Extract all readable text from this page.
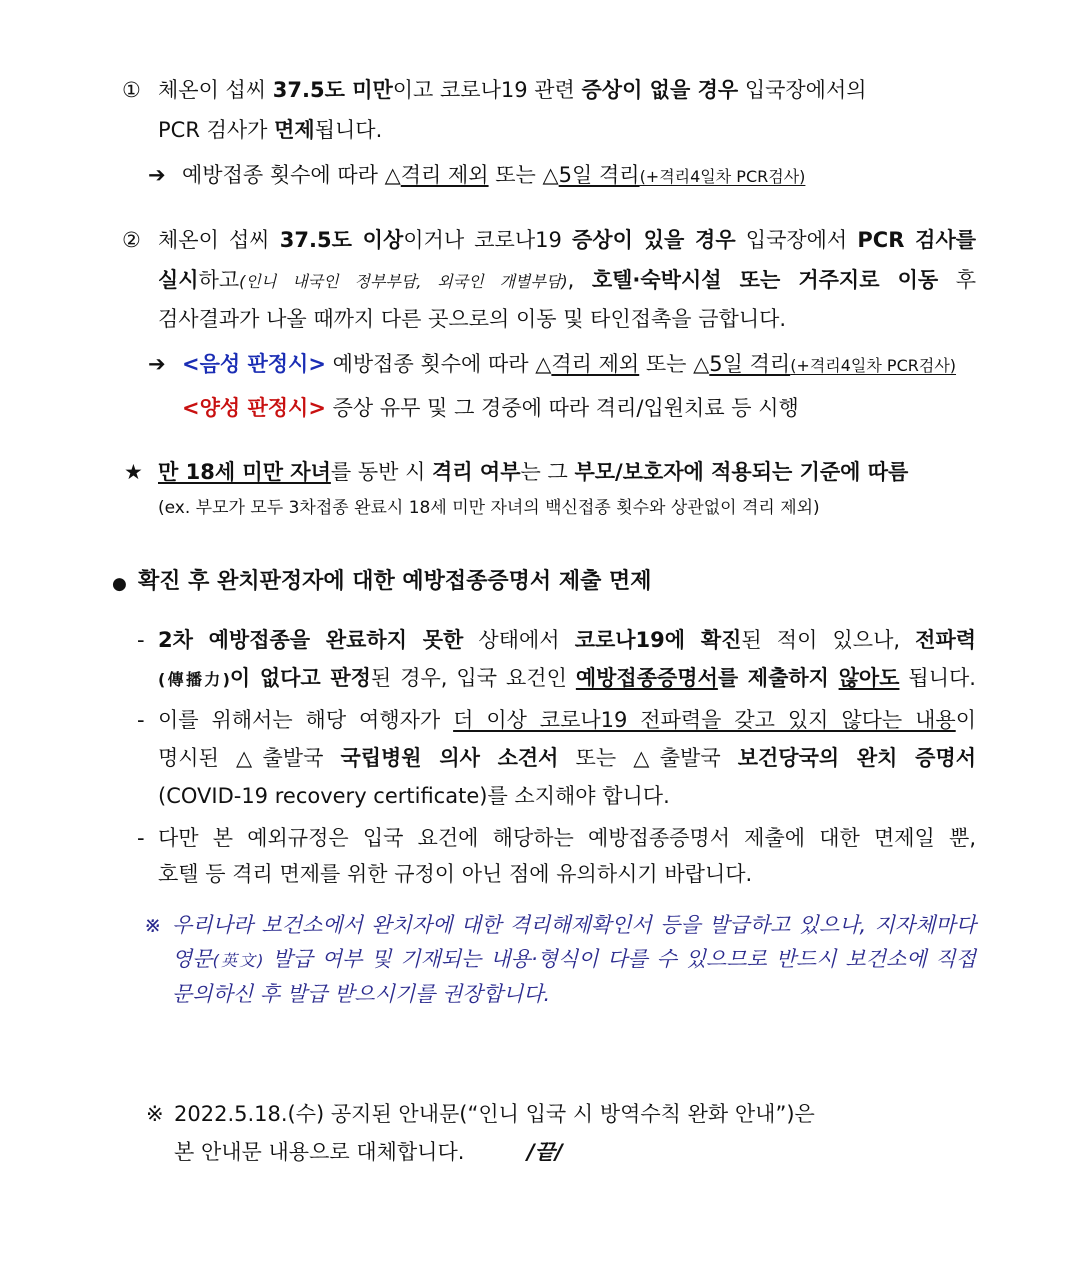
① 체온이 섭씨 37.5도 미만이고 코로나19 관련 증상이 없을 경우 입국장에서의
PCR 검사가 면제됩니다.
➔ 예방접종 횟수에 따라 △격리 제외 또는 △5일 격리(+격리4일차 PCR검사)
② 체온이 섭씨 37.5도 이상이거나 코로나19 증상이 있을 경우 입국장에서 PCR 검사를
실시하고(인니 내국인 정부부담, 외국인 개별부담), 호텔·숙박시설 또는 거주지로 이동 후
검사결과가 나올 때까지 다른 곳으로의 이동 및 타인접촉을 금합니다.
➔ <음성 판정시> 예방접종 횟수에 따라 △격리 제외 또는 △5일 격리(+격리4일차 PCR검사)
<양성 판정시> 증상 유무 및 그 경중에 따라 격리/입원치료 등 시행
★ 만 18세 미만 자녀를 동반 시 격리 여부는 그 부모/보호자에 적용되는 기준에 따름
(ex. 부모가 모두 3차접종 완료시 18세 미만 자녀의 백신접종 횟수와 상관없이 격리 제외)
● 확진 후 완치판정자에 대한 예방접종증명서 제출 면제
- 2차 예방접종을 완료하지 못한 상태에서 코로나19에 확진된 적이 있으나, 전파력
(傳播力)이 없다고 판정된 경우, 입국 요건인 예방접종증명서를 제출하지 않아도 됩니다.
- 이를 위해서는 해당 여행자가 더 이상 코로나19 전파력을 갖고 있지 않다는 내용이
명시된 △출발국 국립병원 의사 소견서 또는 △출발국 보건당국의 완치 증명서
(COVID-19 recovery certificate)를 소지해야 합니다.
- 다만 본 예외규정은 입국 요건에 해당하는 예방접종증명서 제출에 대한 면제일 뿐,
호텔 등 격리 면제를 위한 규정이 아닌 점에 유의하시기 바랍니다.
※ 우리나라 보건소에서 완치자에 대한 격리해제확인서 등을 발급하고 있으나, 지자체마다
영문(英文) 발급 여부 및 기재되는 내용·형식이 다를 수 있으므로 반드시 보건소에 직접
문의하신 후 발급 받으시기를 권장합니다.
※ 2022.5.18.(수) 공지된 안내문(“인니 입국 시 방역수칙 완화 안내”)은
본 안내문 내용으로 대체합니다.	/끝/
